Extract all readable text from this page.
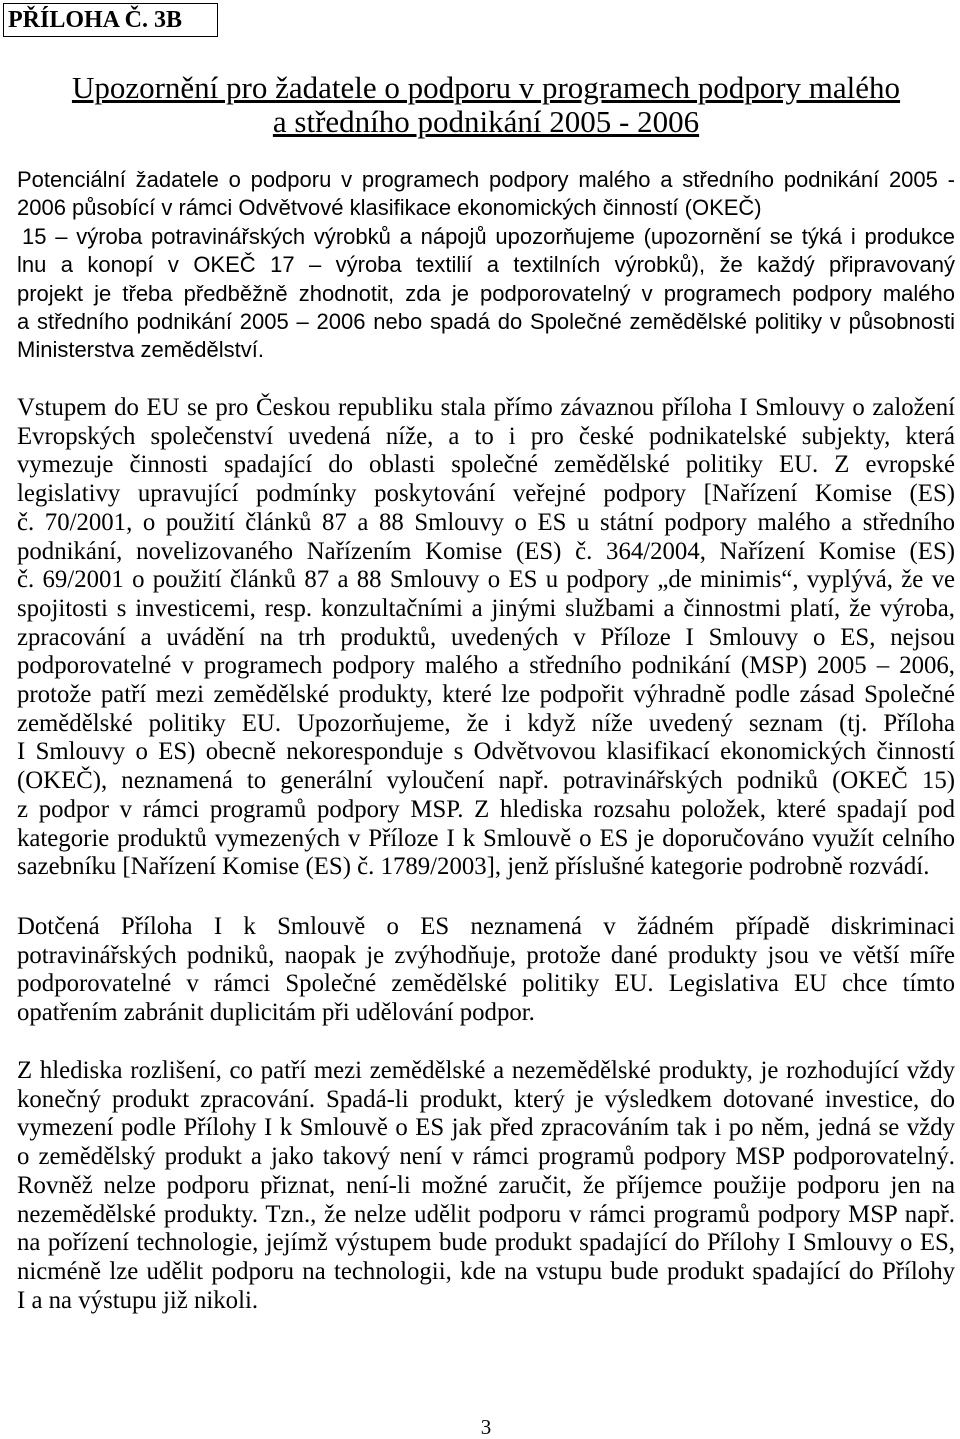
PŘÍLOHA Č. 3B
Upozornění pro žadatele o podporu v programech podpory malého
a středního podnikání 2005 - 2006
Potenciální žadatele o podporu v programech podpory malého a středního podnikání 2005 -
2006 působící v rámci Odvětvové klasifikace ekonomických činností (OKEČ)
15 – výroba potravinářských výrobků a nápojů upozorňujeme (upozornění se týká i produkce
lnu a konopí v OKEČ 17 – výroba textilií a textilních výrobků), že každý připravovaný
projekt je třeba předběžně zhodnotit, zda je podporovatelný v programech podpory malého
a středního podnikání 2005 – 2006 nebo spadá do Společné zemědělské politiky v působnosti
Ministerstva zemědělství.
Vstupem do EU se pro Českou republiku stala přímo závaznou příloha I Smlouvy o založení
Evropských společenství uvedená níže, a to i pro české podnikatelské subjekty, která
vymezuje činnosti spadající do oblasti společné zemědělské politiky EU. Z evropské
legislativy upravující podmínky poskytování veřejné podpory [Nařízení Komise (ES)
č. 70/2001, o použití článků 87 a 88 Smlouvy o ES u státní podpory malého a středního
podnikání, novelizovaného Nařízením Komise (ES) č. 364/2004, Nařízení Komise (ES)
č. 69/2001 o použití článků 87 a 88 Smlouvy o ES u podpory „de minimis“, vyplývá, že ve
spojitosti s investicemi, resp. konzultačními a jinými službami a činnostmi platí, že výroba,
zpracování a uvádění na trh produktů, uvedených v Příloze I Smlouvy o ES, nejsou
podporovatelné v programech podpory malého a středního podnikání (MSP) 2005 – 2006,
protože patří mezi zemědělské produkty, které lze podpořit výhradně podle zásad Společné
zemědělské politiky EU. Upozorňujeme, že i když níže uvedený seznam (tj. Příloha
I Smlouvy o ES) obecně nekoresponduje s Odvětvovou klasifikací ekonomických činností
(OKEČ), neznamená to generální vyloučení např. potravinářských podniků (OKEČ 15)
z podpor v rámci programů podpory MSP. Z hlediska rozsahu položek, které spadají pod
kategorie produktů vymezených v Příloze I k Smlouvě o ES je doporučováno využít celního
sazebníku [Nařízení Komise (ES) č. 1789/2003], jenž příslušné kategorie podrobně rozvádí.
Dotčená Příloha I k Smlouvě o ES neznamená v žádném případě diskriminaci
potravinářských podniků, naopak je zvýhodňuje, protože dané produkty jsou ve větší míře
podporovatelné v rámci Společné zemědělské politiky EU. Legislativa EU chce tímto
opatřením zabránit duplicitám při udělování podpor.
Z hlediska rozlišení, co patří mezi zemědělské a nezemědělské produkty, je rozhodující vždy
konečný produkt zpracování. Spadá-li produkt, který je výsledkem dotované investice, do
vymezení podle Přílohy I k Smlouvě o ES jak před zpracováním tak i po něm, jedná se vždy
o zemědělský produkt a jako takový není v rámci programů podpory MSP podporovatelný.
Rovněž nelze podporu přiznat, není-li možné zaručit, že příjemce použije podporu jen na
nezemědělské produkty. Tzn., že nelze udělit podporu v rámci programů podpory MSP např.
na pořízení technologie, jejímž výstupem bude produkt spadající do Přílohy I Smlouvy o ES,
nicméně lze udělit podporu na technologii, kde na vstupu bude produkt spadající do Přílohy
I a na výstupu již nikoli.
3
